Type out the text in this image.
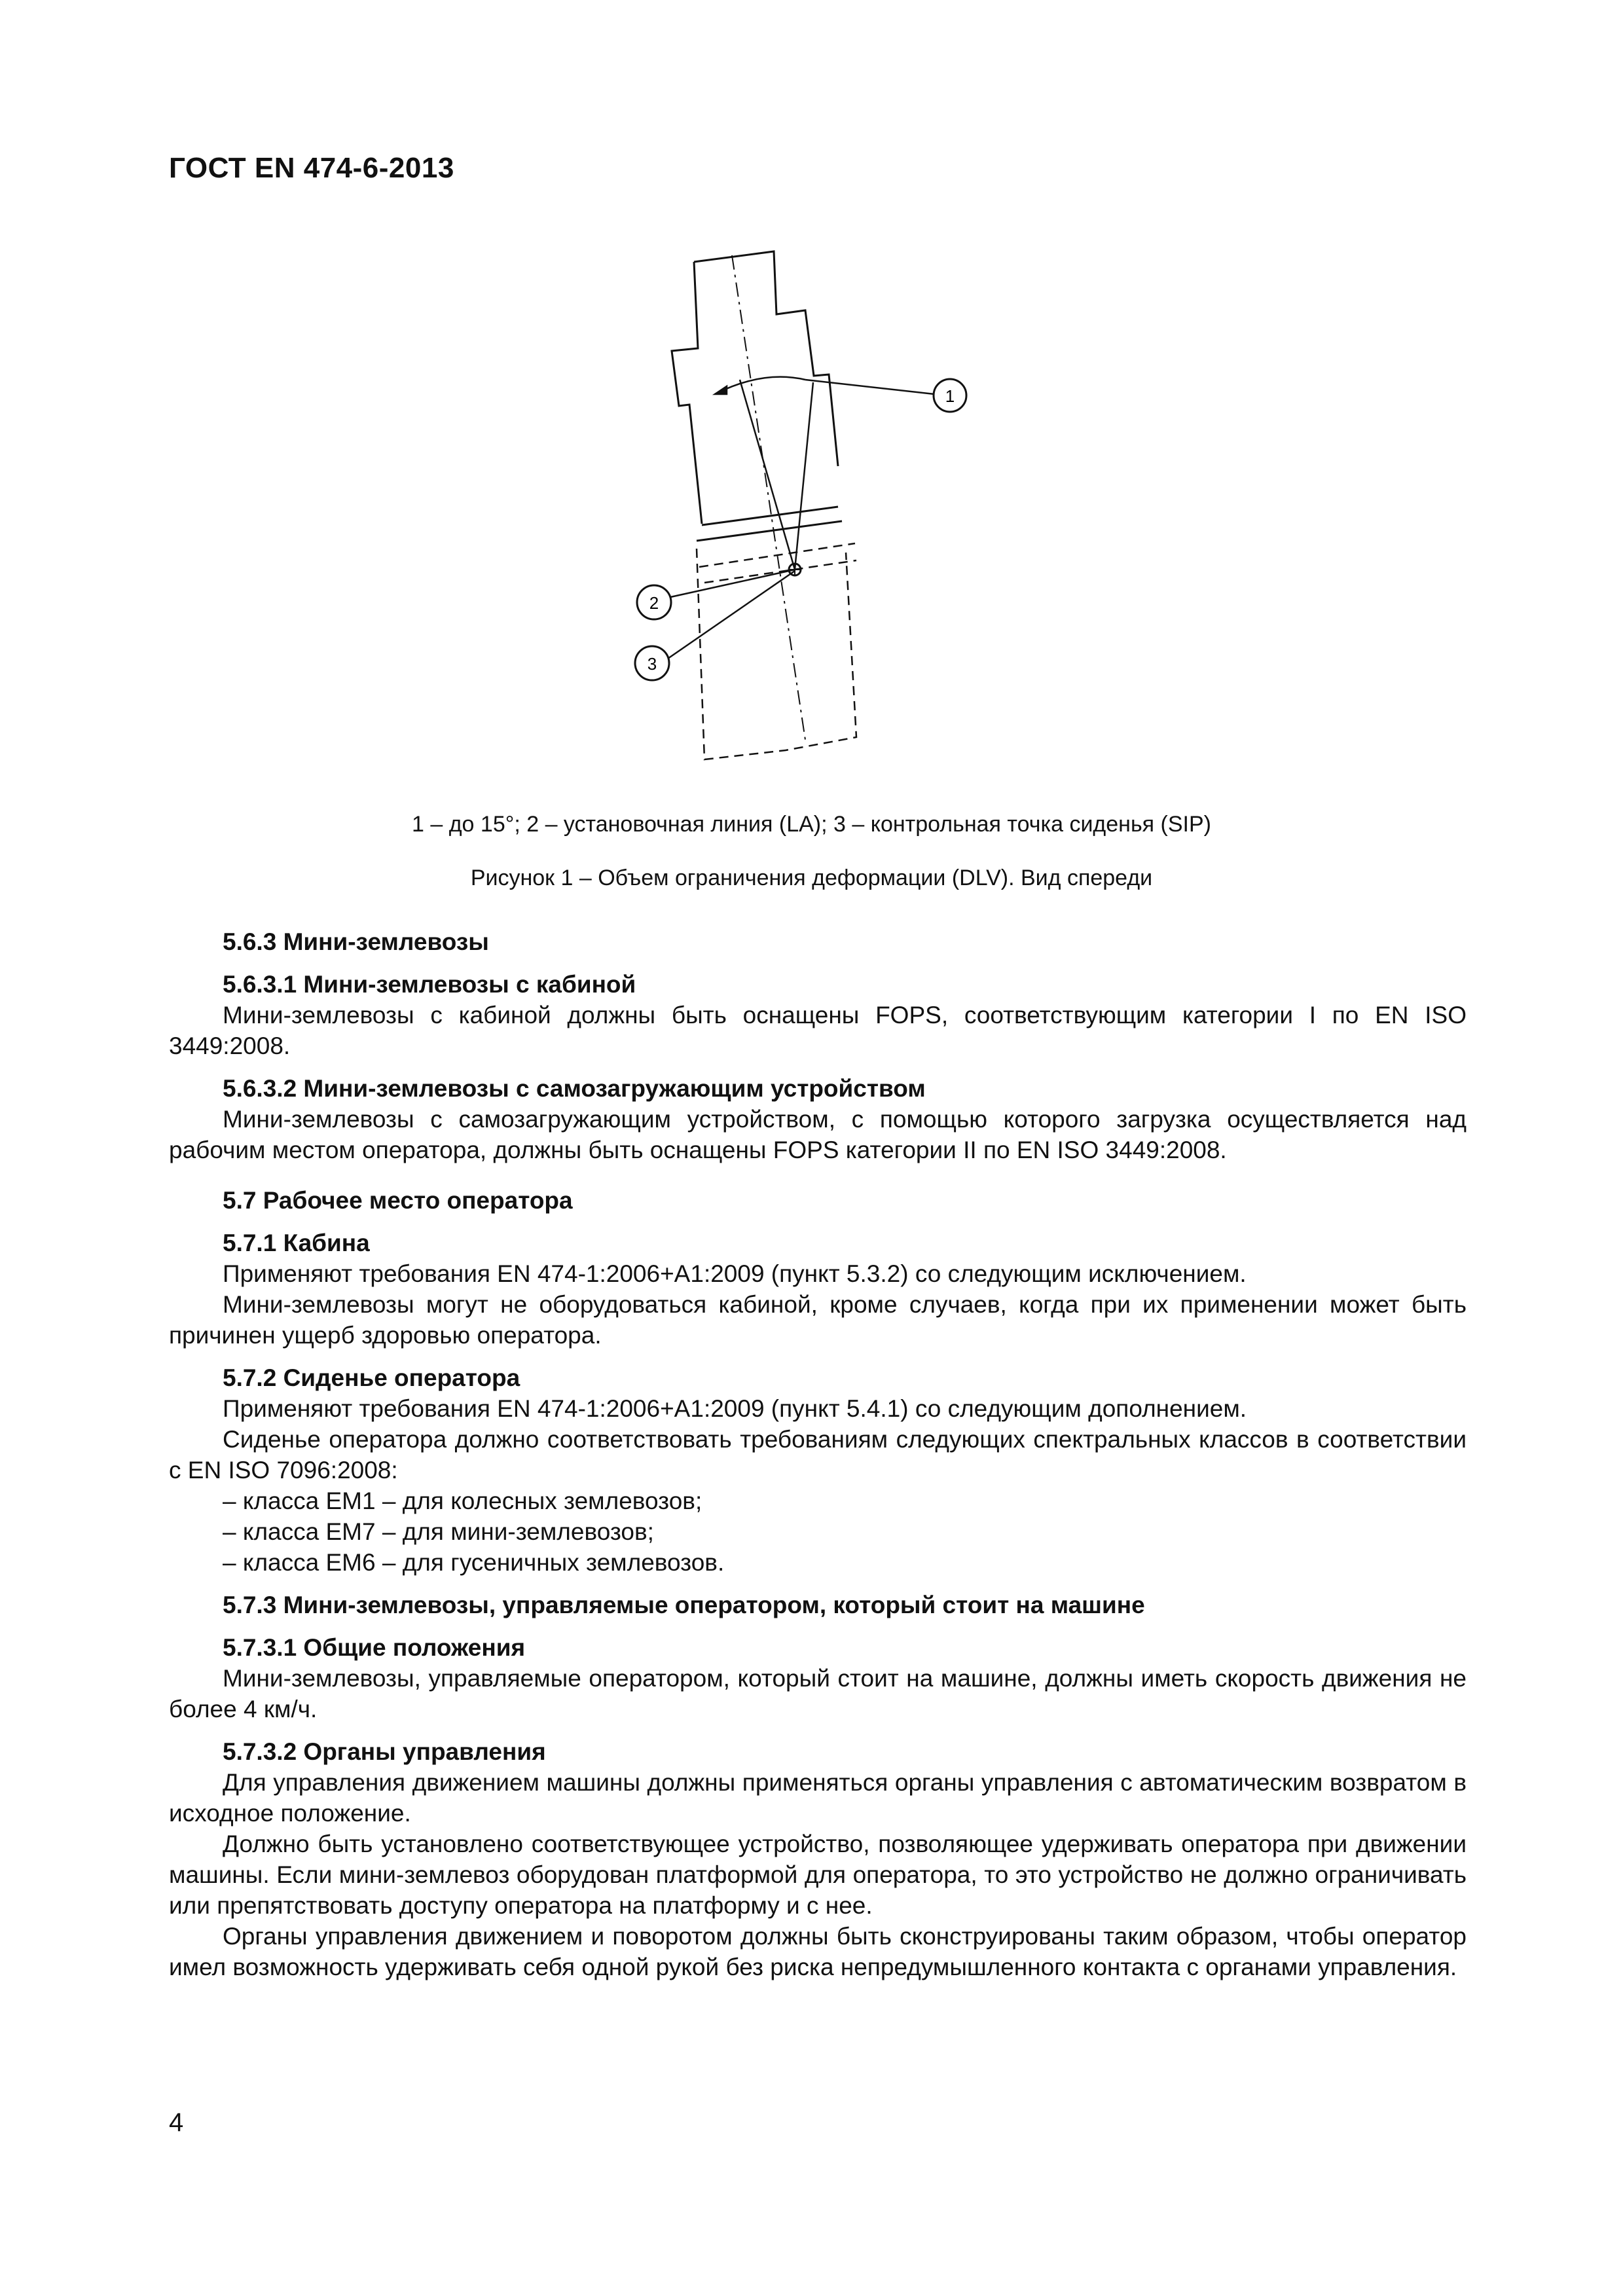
ГОСТ EN 474-6-2013
1
2
3
1 – до 15°; 2 – установочная линия (LA); 3 – контрольная точка сиденья (SIP)
Рисунок 1 – Объем ограничения деформации (DLV). Вид спереди
5.6.3 Мини-землевозы
5.6.3.1 Мини-землевозы с кабиной

Мини-землевозы с кабиной должны быть оснащены FOPS, соответствующим категории I по EN ISO 3449:2008.

5.6.3.2 Мини-землевозы с самозагружающим устройством

Мини-землевозы с самозагружающим устройством, с помощью которого загрузка осуществляется над рабочим местом оператора, должны быть оснащены FOPS категории II по EN ISO 3449:2008.

5.7 Рабочее место оператора
5.7.1 Кабина

Применяют требования EN 474-1:2006+A1:2009 (пункт 5.3.2) со следующим исключением.

Мини-землевозы могут не оборудоваться кабиной, кроме случаев, когда при их применении может быть причинен ущерб здоровью оператора.

5.7.2 Сиденье оператора

Применяют требования EN 474-1:2006+A1:2009 (пункт 5.4.1) со следующим дополнением.

Сиденье оператора должно соответствовать требованиям следующих спектральных классов в соответствии с EN ISO 7096:2008:

– класса EM1 – для колесных землевозов;

– класса EM7 – для мини-землевозов;

– класса EM6 – для гусеничных землевозов.

5.7.3 Мини-землевозы, управляемые оператором, который стоит на машине
5.7.3.1 Общие положения

Мини-землевозы, управляемые оператором, который стоит на машине, должны иметь скорость движения не более 4 км/ч.

5.7.3.2 Органы управления

Для управления движением машины должны применяться органы управления с автоматическим возвратом в исходное положение.

Должно быть установлено соответствующее устройство, позволяющее удерживать оператора при движении машины. Если мини-землевоз оборудован платформой для оператора, то это устройство не должно ограничивать или препятствовать доступу оператора на платформу и с нее.

Органы управления движением и поворотом должны быть сконструированы таким образом, чтобы оператор имел возможность удерживать себя одной рукой без риска непредумышленного контакта с органами управления.

4
